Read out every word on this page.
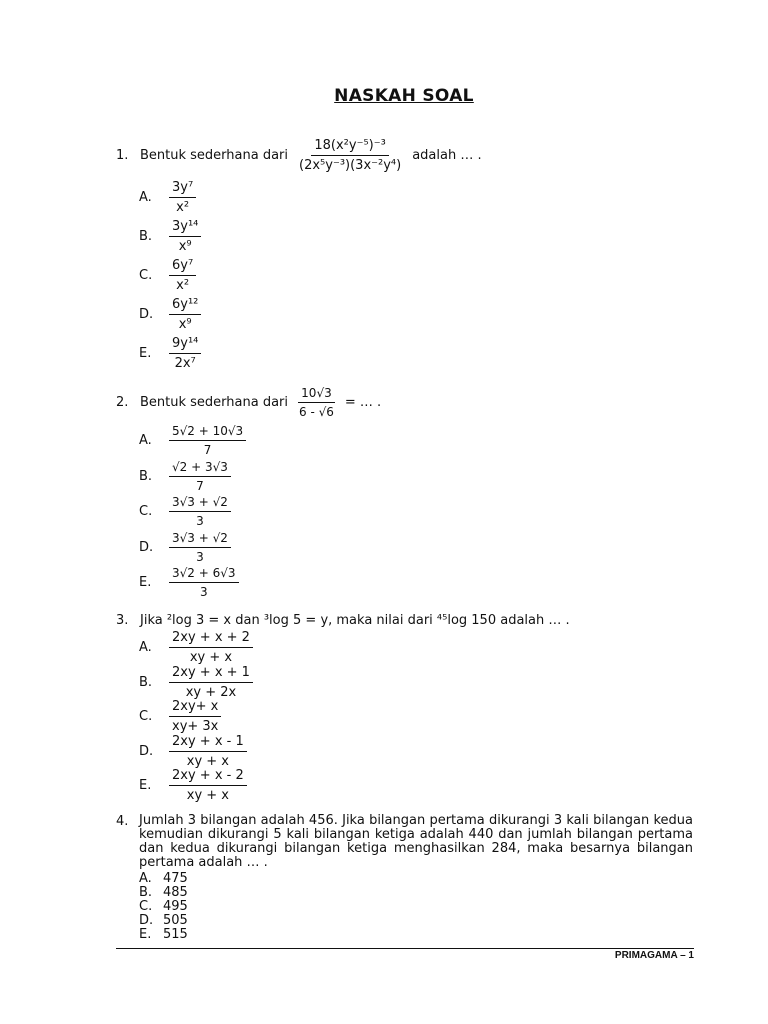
NASKAH SOAL
1. Bentuk sederhana dari $\frac{\text{18(x²y⁻⁵)⁻³}}{\text{(2x⁵y⁻³)(3x⁻²y⁴)}}$ adalah … .
A.	$\frac{\text{3y⁷}}{\text{x²}}$
B.	$\frac{\text{3y¹⁴}}{\text{x⁹}}$
C.	$\frac{\text{6y⁷}}{\text{x²}}$
D.	$\frac{\text{6y¹²}}{\text{x⁹}}$
E.	$\frac{\text{9y¹⁴}}{\text{2x⁷}}$
2. Bentuk sederhana dari $\frac{10√3}{6 - √6}$ = … .
A.	$\frac{5√2 + 10√3}{7}$
B.	$\frac{√2 + 3√3}{7}$
C.	$\frac{3√3 + √2}{3}$
D.	$\frac{3√3 + √2}{3}$
E.	$\frac{3√2 + 6√3}{3}$
3. Jika ²log 3 = x dan ³log 5 = y, maka nilai dari ⁴⁵log 150 adalah … .
A.	$\frac{2xy + x + 2}{xy + x}$
B.	$\frac{2xy + x + 1}{xy + 2x}$
C.	$\frac{2xy+ x}{xy+ 3x}$
D.	$\frac{2xy + x - 1}{xy + x}$
E.	$\frac{2xy + x - 2}{xy + x}$
4. Jumlah 3 bilangan adalah 456. Jika bilangan pertama dikurangi 3 kali bilangan kedua
kemudian dikurangi 5 kali bilangan ketiga adalah 440 dan jumlah bilangan pertama
dan kedua dikurangi bilangan ketiga menghasilkan 284, maka besarnya bilangan
pertama adalah … .
A. 475
B. 485
C. 495
D. 505
E. 515
PRIMAGAMA – 1
